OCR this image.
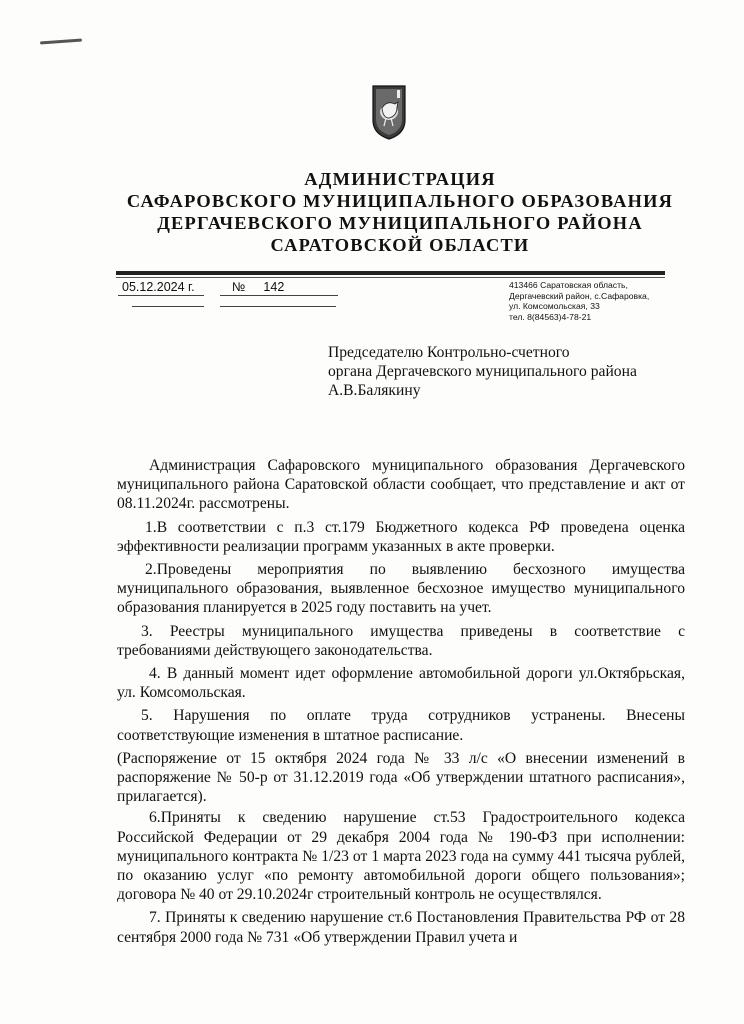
АДМИНИСТРАЦИЯ
САФАРОВСКОГО МУНИЦИПАЛЬНОГО ОБРАЗОВАНИЯ
ДЕРГАЧЕВСКОГО МУНИЦИПАЛЬНОГО РАЙОНА
САРАТОВСКОЙ ОБЛАСТИ
05.12.2024 г.	№ 142	413466 Саратовская область,
Дергачевский район, с.Сафаровка,
ул. Комсомольская, 33
тел. 8(84563)4-78-21
Председателю Контрольно-счетного
органа Дергачевского муниципального района
А.В.Балякину

Администрация Сафаровского муниципального образования Дергачевского муниципального района Саратовской области сообщает, что представление и акт от 08.11.2024г. рассмотрены.

1.В соответствии с п.3 ст.179 Бюджетного кодекса РФ проведена оценка эффективности реализации программ указанных в акте проверки.

2.Проведены мероприятия по выявлению бесхозного имущества муниципального образования, выявленное бесхозное имущество муниципального образования планируется в 2025 году поставить на учет.

3. Реестры муниципального имущества приведены в соответствие с требованиями действующего законодательства.

4. В данный момент идет оформление автомобильной дороги ул.Октябрьская, ул. Комсомольская.

5. Нарушения по оплате труда сотрудников устранены. Внесены соответствующие изменения в штатное расписание.

(Распоряжение от 15 октября 2024 года № 33 л/с «О внесении изменений в распоряжение № 50-р от 31.12.2019 года «Об утверждении штатного расписания», прилагается).

6.Приняты к сведению нарушение ст.53 Градостроительного кодекса Российской Федерации от 29 декабря 2004 года № 190-ФЗ при исполнении: муниципального контракта № 1/23 от 1 марта 2023 года на сумму 441 тысяча рублей, по оказанию услуг «по ремонту автомобильной дороги общего пользования»; договора № 40 от 29.10.2024г строительный контроль не осуществлялся.

7. Приняты к сведению нарушение ст.6 Постановления Правительства РФ от 28 сентября 2000 года № 731 «Об утверждении Правил учета и
